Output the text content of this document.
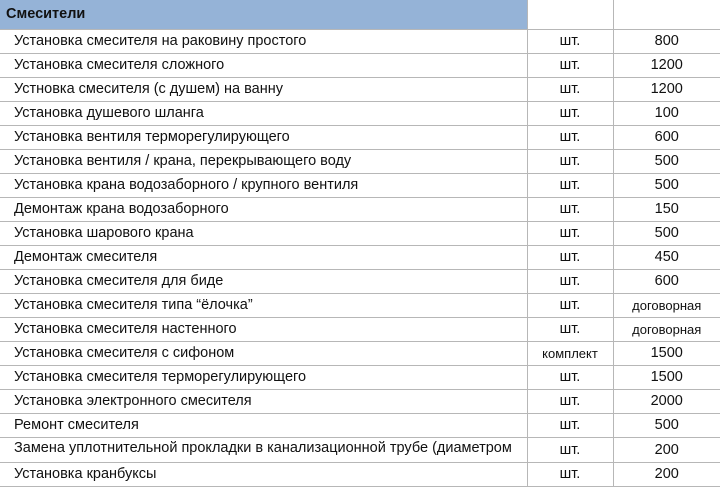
Смесители		
Установка смесителя на раковину простого	шт.	800
Установка смесителя сложного	шт.	1200
Устновка смесителя (с душем) на ванну	шт.	1200
Установка душевого шланга	шт.	100
Установка вентиля терморегулирующего	шт.	600
Установка вентиля / крана, перекрывающего воду	шт.	500
Установка крана водозаборного / крупного вентиля	шт.	500
Демонтаж крана водозаборного	шт.	150
Установка шарового крана	шт.	500
Демонтаж смесителя	шт.	450
Установка смесителя для биде	шт.	600
Установка смесителя типа “ёлочка”	шт.	договорная
Установка смесителя настенного	шт.	договорная
Установка смесителя с сифоном	комплект	1500
Установка смесителя терморегулирующего	шт.	1500
Установка электронного смесителя	шт.	2000
Ремонт смесителя	шт.	500
Замена уплотнительной прокладки в канализационной трубе (диаметром	шт.	200
Установка кранбуксы	шт.	200
